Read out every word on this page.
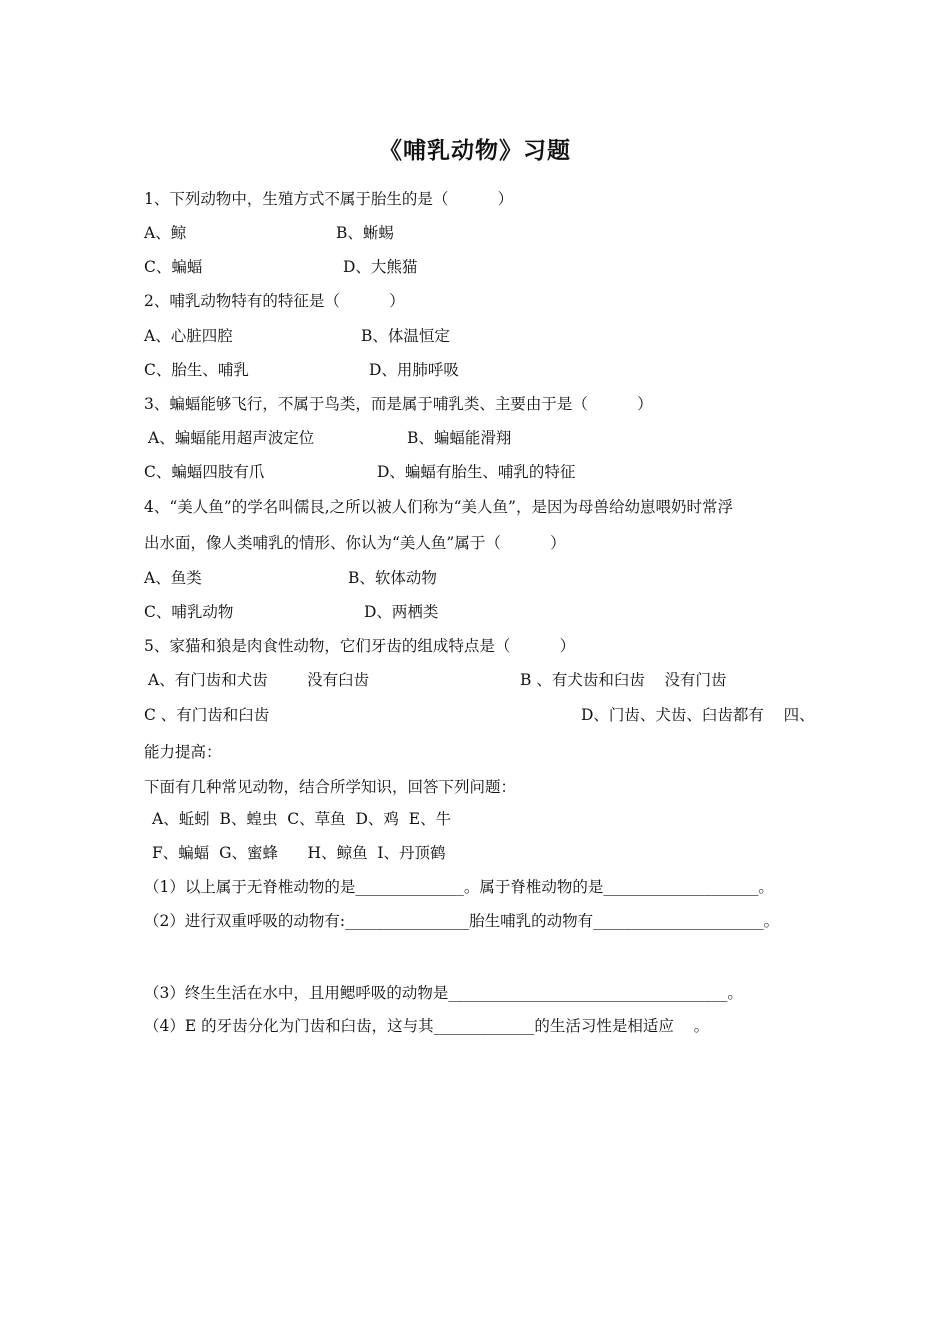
《哺乳动物》习题
1、下列动物中，生殖方式不属于胎生的是（          ）
A、鲸	B、蜥蜴
C、蝙蝠	D、大熊猫
2、哺乳动物特有的特征是（          ）
A、心脏四腔	B、体温恒定
C、胎生、哺乳	D、用肺呼吸
3、蝙蝠能够飞行，不属于鸟类，而是属于哺乳类、主要由于是（          ）
A、蝙蝠能用超声波定位	B、蝙蝠能滑翔
C、蝙蝠四肢有爪	D、蝙蝠有胎生、哺乳的特征
4、“美人鱼”的学名叫儒艮,之所以被人们称为“美人鱼”，是因为母兽给幼崽喂奶时常浮
出水面，像人类哺乳的情形、你认为“美人鱼”属于（          ）
A、鱼类	B、软体动物
C、哺乳动物	D、两栖类
5、家猫和狼是肉食性动物，它们牙齿的组成特点是（          ）
A、有门齿和犬齿        没有臼齿	B 、有犬齿和臼齿    没有门齿
C 、有门齿和臼齿	D、门齿、犬齿、臼齿都有    四、
能力提高：
下面有几种常见动物，结合所学知识，回答下列问题：
A、蚯蚓  B、蝗虫  C、草鱼  D、鸡  E、牛
F、蝙蝠  G、蜜蜂      H、鲸鱼  I、丹顶鹤
（1）以上属于无脊椎动物的是______________。属于脊椎动物的是____________________。
（2）进行双重呼吸的动物有:________________胎生哺乳的动物有______________________。
（3）终生生活在水中，且用鳃呼吸的动物是____________________________________。
（4）E 的牙齿分化为门齿和臼齿，这与其_____________的生活习性是相适应    。
